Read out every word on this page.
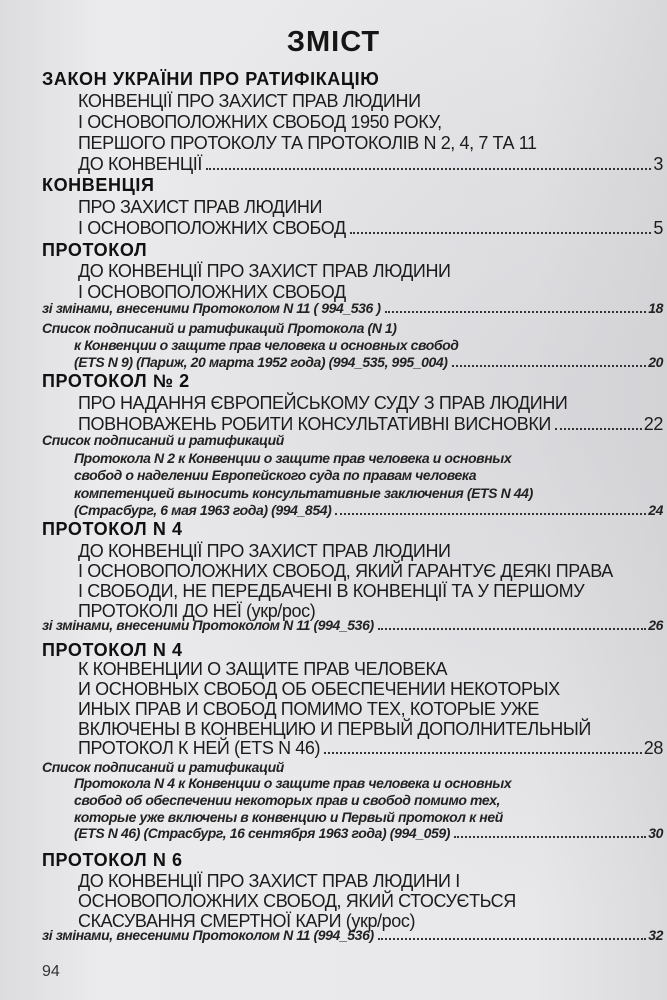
ЗМІСТ
ЗАКОН УКРАЇНИ ПРО РАТИФІКАЦІЮ
КОНВЕНЦІЇ ПРО ЗАХИСТ ПРАВ ЛЮДИНИ
І ОСНОВОПОЛОЖНИХ СВОБОД 1950 РОКУ,
ПЕРШОГО ПРОТОКОЛУ ТА ПРОТОКОЛІВ N 2, 4, 7 ТА 11
ДО КОНВЕНЦІЇ	3
КОНВЕНЦІЯ
ПРО ЗАХИСТ ПРАВ ЛЮДИНИ
І ОСНОВОПОЛОЖНИХ СВОБОД	5
ПРОТОКОЛ
ДО КОНВЕНЦІЇ ПРО ЗАХИСТ ПРАВ ЛЮДИНИ
І ОСНОВОПОЛОЖНИХ СВОБОД
зі змінами, внесеними Протоколом N 11 ( 994_536 )	18
Список подписаний и ратификаций Протокола (N 1)
к Конвенции о защите прав человека и основных свобод
(ETS N 9) (Париж, 20 марта 1952 года) (994_535, 995_004)	20
ПРОТОКОЛ № 2
ПРО НАДАННЯ ЄВРОПЕЙСЬКОМУ СУДУ З ПРАВ ЛЮДИНИ
ПОВНОВАЖЕНЬ РОБИТИ КОНСУЛЬТАТИВНІ ВИСНОВКИ	22
Список подписаний и ратификаций
Протокола N 2 к Конвенции о защите прав человека и основных
свобод о наделении Европейского суда по правам человека
компетенцией выносить консультативные заключения (ETS N 44)
(Страсбург, 6 мая 1963 года) (994_854)	24
ПРОТОКОЛ N 4
ДО КОНВЕНЦІЇ ПРО ЗАХИСТ ПРАВ ЛЮДИНИ
І ОСНОВОПОЛОЖНИХ СВОБОД, ЯКИЙ ГАРАНТУЄ ДЕЯКІ ПРАВА
І СВОБОДИ, НЕ ПЕРЕДБАЧЕНІ В КОНВЕНЦІЇ ТА У ПЕРШОМУ
ПРОТОКОЛІ ДО НЕЇ (укр/рос)
зі змінами, внесеними Протоколом N 11 (994_536)	26
ПРОТОКОЛ N 4
К КОНВЕНЦИИ О ЗАЩИТЕ ПРАВ ЧЕЛОВЕКА
И ОСНОВНЫХ СВОБОД ОБ ОБЕСПЕЧЕНИИ НЕКОТОРЫХ
ИНЫХ ПРАВ И СВОБОД ПОМИМО ТЕХ, КОТОРЫЕ УЖЕ
ВКЛЮЧЕНЫ В КОНВЕНЦИЮ И ПЕРВЫЙ ДОПОЛНИТЕЛЬНЫЙ
ПРОТОКОЛ К НЕЙ (ETS N 46)	28
Список подписаний и ратификаций
Протокола N 4 к Конвенции о защите прав человека и основных
свобод об обеспечении некоторых прав и свобод помимо тех,
которые уже включены в конвенцию и Первый протокол к ней
(ETS N 46) (Страсбург, 16 сентября 1963 года) (994_059)	30
ПРОТОКОЛ N 6
ДО КОНВЕНЦІЇ ПРО ЗАХИСТ ПРАВ ЛЮДИНИ І
ОСНОВОПОЛОЖНИХ СВОБОД, ЯКИЙ СТОСУЄТЬСЯ
СКАСУВАННЯ СМЕРТНОЇ КАРИ (укр/рос)
зі змінами, внесеними Протоколом N 11 (994_536)	32
94
